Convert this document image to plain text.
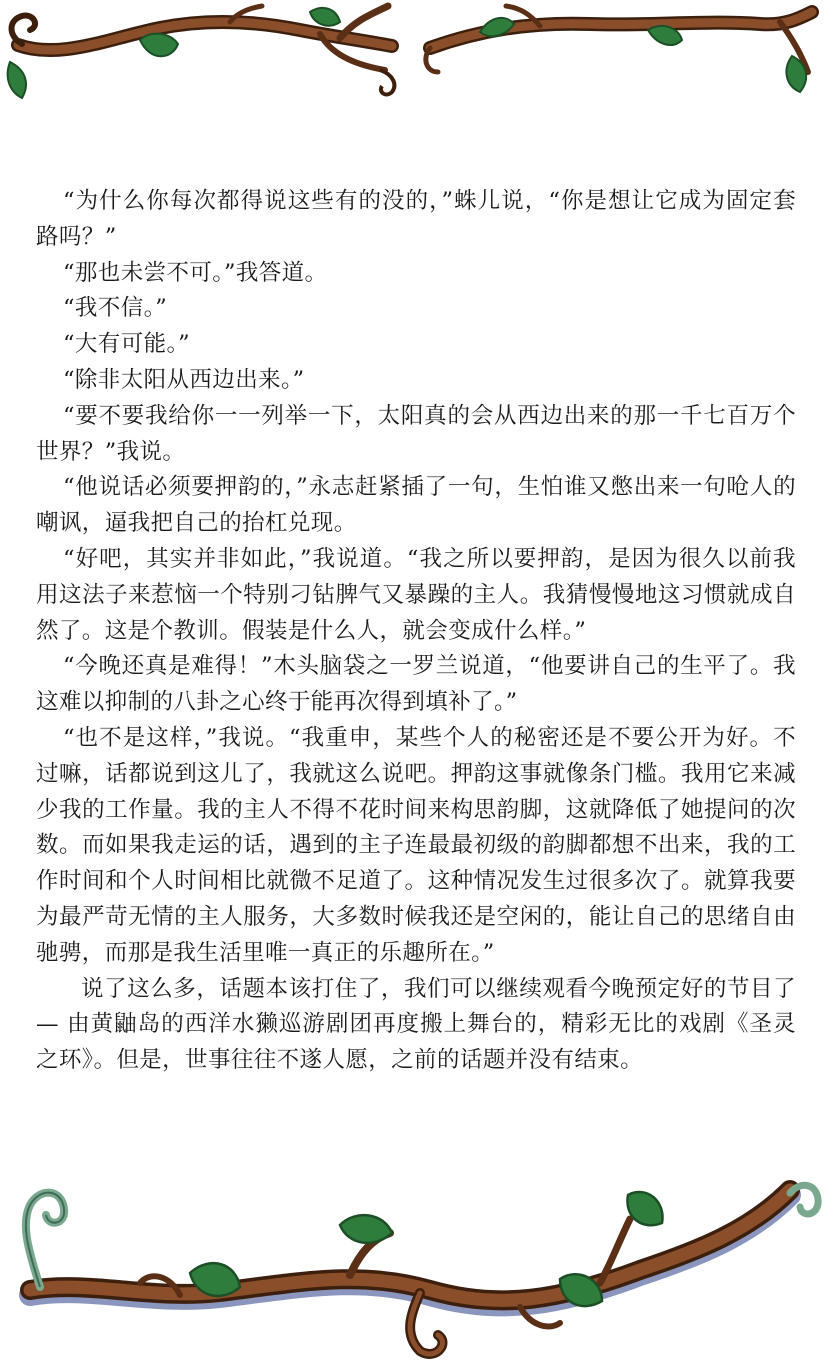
“为什么你每次都得说这些有的没的，”蛛儿说，“你是想让它成为固定套路吗？”

“那也未尝不可。”我答道。

“我不信。”

“大有可能。”

“除非太阳从西边出来。”

“要不要我给你一一列举一下，太阳真的会从西边出来的那一千七百万个世界？”我说。

“他说话必须要押韵的，”永志赶紧插了一句，生怕谁又憋出来一句呛人的嘲讽，逼我把自己的抬杠兑现。

“好吧，其实并非如此，”我说道。“我之所以要押韵，是因为很久以前我用这法子来惹恼一个特别刁钻脾气又暴躁的主人。我猜慢慢地这习惯就成自然了。这是个教训。假装是什么人，就会变成什么样。”

“今晚还真是难得！”木头脑袋之一罗兰说道，“他要讲自己的生平了。我这难以抑制的八卦之心终于能再次得到填补了。”

“也不是这样，”我说。“我重申，某些个人的秘密还是不要公开为好。不过嘛，话都说到这儿了，我就这么说吧。押韵这事就像条门槛。我用它来减少我的工作量。我的主人不得不花时间来构思韵脚，这就降低了她提问的次数。而如果我走运的话，遇到的主子连最最初级的韵脚都想不出来，我的工作时间和个人时间相比就微不足道了。这种情况发生过很多次了。就算我要为最严苛无情的主人服务，大多数时候我还是空闲的，能让自己的思绪自由驰骋，而那是我生活里唯一真正的乐趣所在。”

说了这么多，话题本该打住了，我们可以继续观看今晚预定好的节目了— 由黄鼬岛的西洋水獭巡游剧团再度搬上舞台的，精彩无比的戏剧《圣灵之环》。但是，世事往往不遂人愿，之前的话题并没有结束。
